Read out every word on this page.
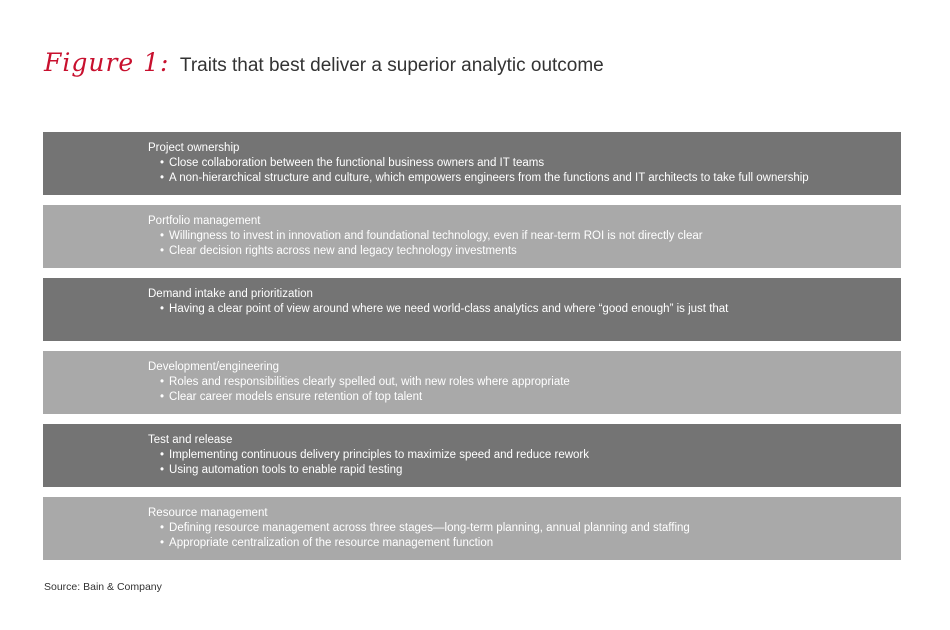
Figure 1: Traits that best deliver a superior analytic outcome
Project ownership
• Close collaboration between the functional business owners and IT teams
• A non-hierarchical structure and culture, which empowers engineers from the functions and IT architects to take full ownership
Portfolio management
• Willingness to invest in innovation and foundational technology, even if near-term ROI is not directly clear
• Clear decision rights across new and legacy technology investments
Demand intake and prioritization
• Having a clear point of view around where we need world-class analytics and where “good enough” is just that
Development/engineering
• Roles and responsibilities clearly spelled out, with new roles where appropriate
• Clear career models ensure retention of top talent
Test and release
• Implementing continuous delivery principles to maximize speed and reduce rework
• Using automation tools to enable rapid testing
Resource management
• Defining resource management across three stages—long-term planning, annual planning and staffing
• Appropriate centralization of the resource management function
Source: Bain & Company
